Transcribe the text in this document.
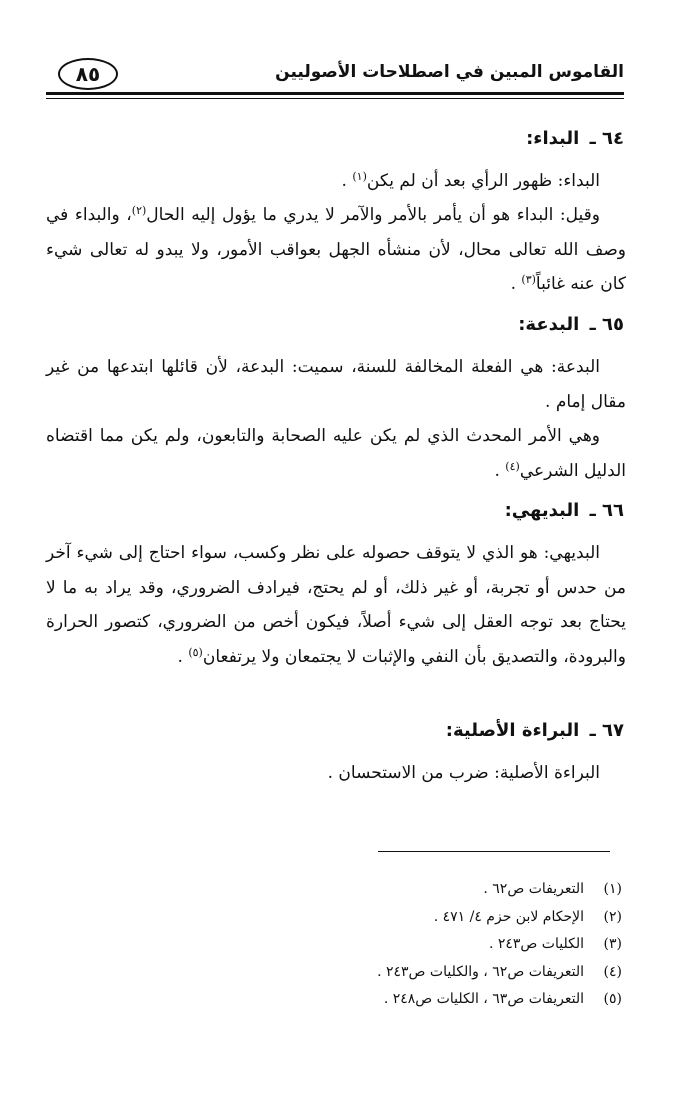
القاموس المبين في اصطلاحات الأصوليين
٨٥
٦٤ ـ البداء:
البداء: ظهور الرأي بعد أن لم يكن$^{(١)}$ .
وقيل: البداء هو أن يأمر بالأمر والآمر لا يدري ما يؤول إليه الحال$^{(٢)}$، والبداء في وصف الله تعالى محال، لأن منشأه الجهل بعواقب الأمور، ولا يبدو له تعالى شيء كان عنه غائباً$^{(٣)}$ .
٦٥ ـ البدعة:
البدعة: هي الفعلة المخالفة للسنة، سميت: البدعة، لأن قائلها ابتدعها من غير مقال إمام .
وهي الأمر المحدث الذي لم يكن عليه الصحابة والتابعون، ولم يكن مما اقتضاه الدليل الشرعي$^{(٤)}$ .
٦٦ ـ البديهي:
البديهي: هو الذي لا يتوقف حصوله على نظر وكسب، سواء احتاج إلى شيء آخر من حدس أو تجربة، أو غير ذلك، أو لم يحتج، فيرادف الضروري، وقد يراد به ما لا يحتاج بعد توجه العقل إلى شيء أصلاً، فيكون أخص من الضروري، كتصور الحرارة والبرودة، والتصديق بأن النفي والإثبات لا يجتمعان ولا يرتفعان$^{(٥)}$ .
٦٧ ـ البراءة الأصلية:
البراءة الأصلية: ضرب من الاستحسان .
(١)التعريفات ص٦٢ .
(٢)الإحكام لابن حزم ٤/ ٤٧١ .
(٣)الكليات ص٢٤٣ .
(٤)التعريفات ص٦٢ ، والكليات ص٢٤٣ .
(٥)التعريفات ص٦٣ ، الكليات ص٢٤٨ .
